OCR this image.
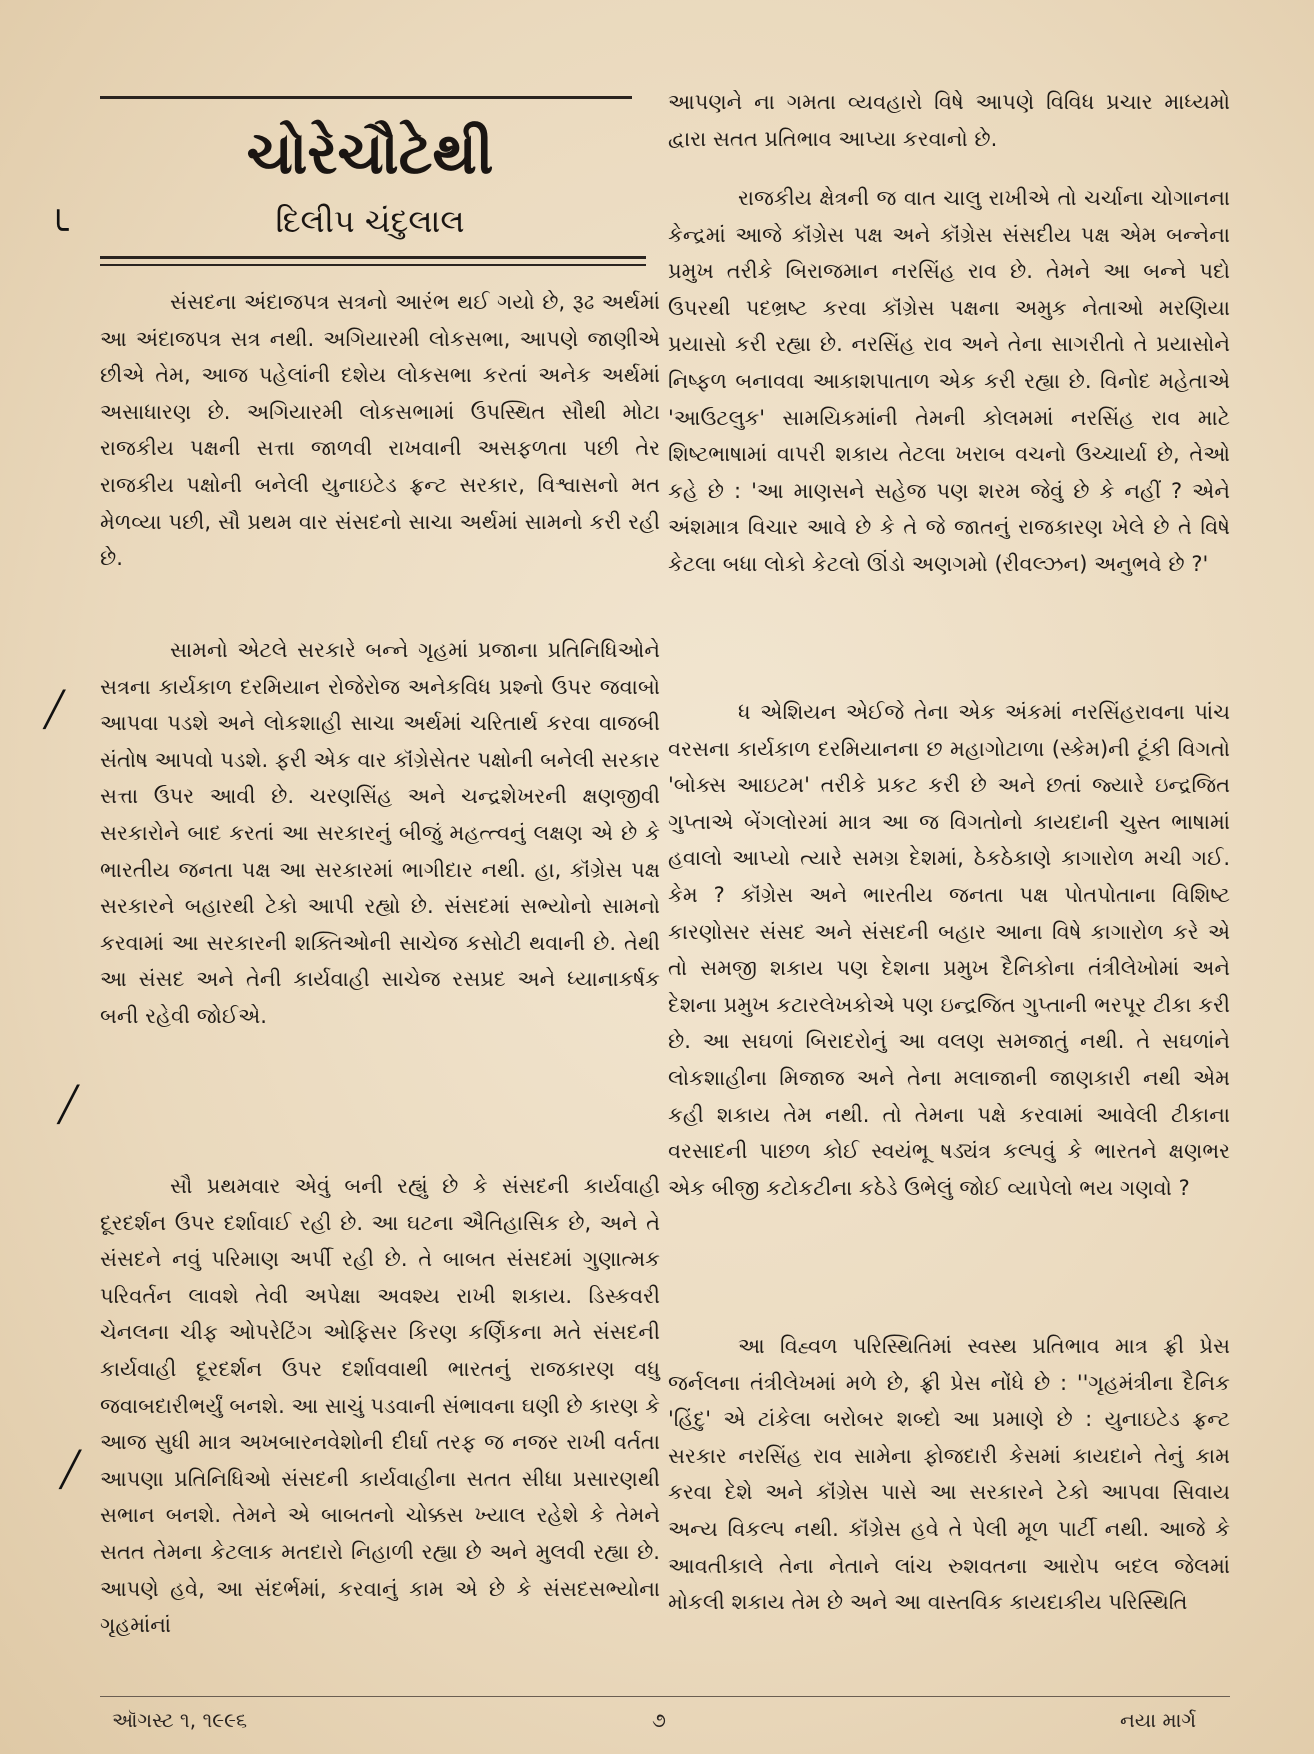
ચોરેચૌટેથી
દિલીપ ચંદુલાલ

સંસદના અંદાજપત્ર સત્રનો આરંભ થઈ ગયો છે, રૂઢ અર્થમાં આ અંદાજપત્ર સત્ર નથી. અગિયારમી લોકસભા, આપણે જાણીએ છીએ તેમ, આજ પહેલાંની દશેય લોકસભા કરતાં અનેક અર્થમાં અસાધારણ છે. અગિયારમી લોકસભામાં ઉપસ્થિત સૌથી મોટા રાજકીય પક્ષની સત્તા જાળવી રાખવાની અસફળતા પછી તેર રાજકીય પક્ષોની બનેલી યુનાઇટેડ ફ્રન્ટ સરકાર, વિશ્વાસનો મત મેળવ્યા પછી, સૌ પ્રથમ વાર સંસદનો સાચા અર્થમાં સામનો કરી રહી છે.

સામનો એટલે સરકારે બન્ને ગૃહમાં પ્રજાના પ્રતિનિધિઓને સત્રના કાર્યકાળ દરમિયાન રોજેરોજ અનેકવિધ પ્રશ્નો ઉપર જવાબો આપવા પડશે અને લોકશાહી સાચા અર્થમાં ચરિતાર્થ કરવા વાજબી સંતોષ આપવો પડશે. ફરી એક વાર કૉંગ્રેસેતર પક્ષોની બનેલી સરકાર સત્તા ઉપર આવી છે. ચરણસિંહ અને ચન્દ્રશેખરની ક્ષણજીવી સરકારોને બાદ કરતાં આ સરકારનું બીજું મહત્ત્વનું લક્ષણ એ છે કે ભારતીય જનતા પક્ષ આ સરકારમાં ભાગીદાર નથી. હા, કૉંગ્રેસ પક્ષ સરકારને બહારથી ટેકો આપી રહ્યો છે. સંસદમાં સભ્યોનો સામનો કરવામાં આ સરકારની શક્તિઓની સાચેજ કસોટી થવાની છે. તેથી આ સંસદ અને તેની કાર્યવાહી સાચેજ રસપ્રદ અને ધ્યાનાકર્ષક બની રહેવી જોઈએ.

સૌ પ્રથમવાર એવું બની રહ્યું છે કે સંસદની કાર્યવાહી દૂરદર્શન ઉપર દર્શાવાઈ રહી છે. આ ઘટના ઐતિહાસિક છે, અને તે સંસદને નવું પરિમાણ અર્પી રહી છે. તે બાબત સંસદમાં ગુણાત્મક પરિવર્તન લાવશે તેવી અપેક્ષા અવશ્ય રાખી શકાય. ડિસ્કવરી ચેનલના ચીફ ઓપરેટિંગ ઓફિસર કિરણ કર્ણિકના મતે સંસદની કાર્યવાહી દૂરદર્શન ઉપર દર્શાવવાથી ભારતનું રાજકારણ વધુ જવાબદારીભર્યું બનશે. આ સાચું પડવાની સંભાવના ઘણી છે કારણ કે આજ સુધી માત્ર અખબારનવેશોની દીર્ઘા તરફ જ નજર રાખી વર્તતા આપણા પ્રતિનિધિઓ સંસદની કાર્યવાહીના સતત સીધા પ્રસારણથી સભાન બનશે. તેમને એ બાબતનો ચોક્કસ ખ્યાલ રહેશે કે તેમને સતત તેમના કેટલાક મતદારો નિહાળી રહ્યા છે અને મુલવી રહ્યા છે. આપણે હવે, આ સંદર્ભમાં, કરવાનું કામ એ છે કે સંસદસભ્યોના ગૃહમાંનાં

આપણને ના ગમતા વ્યવહારો વિષે આપણે વિવિધ પ્રચાર માધ્યમો દ્વારા સતત પ્રતિભાવ આપ્યા કરવાનો છે.

રાજકીય ક્ષેત્રની જ વાત ચાલુ રાખીએ તો ચર્ચાના ચોગાનના કેન્દ્રમાં આજે કૉંગ્રેસ પક્ષ અને કૉંગ્રેસ સંસદીય પક્ષ એમ બન્નેના પ્રમુખ તરીકે બિરાજમાન નરસિંહ રાવ છે. તેમને આ બન્ને પદો ઉપરથી પદભ્રષ્ટ કરવા કૉંગ્રેસ પક્ષના અમુક નેતાઓ મરણિયા પ્રયાસો કરી રહ્યા છે. નરસિંહ રાવ અને તેના સાગરીતો તે પ્રયાસોને નિષ્ફળ બનાવવા આકાશપાતાળ એક કરી રહ્યા છે. વિનોદ મહેતાએ 'આઉટલુક' સામયિકમાંની તેમની કોલમમાં નરસિંહ રાવ માટે શિષ્ટભાષામાં વાપરી શકાય તેટલા ખરાબ વચનો ઉચ્ચાર્યા છે, તેઓ કહે છે : 'આ માણસને સહેજ પણ શરમ જેવું છે કે નહીં ? એને અંશમાત્ર વિચાર આવે છે કે તે જે જાતનું રાજકારણ ખેલે છે તે વિષે કેટલા બધા લોકો કેટલો ઊંડો અણગમો (રીવલ્ઝન) અનુભવે છે ?'

ધ એશિયન એઈજે તેના એક અંકમાં નરસિંહરાવના પાંચ વરસના કાર્યકાળ દરમિયાનના છ મહાગોટાળા (સ્કેમ)ની ટૂંકી વિગતો 'બોક્સ આઇટમ' તરીકે પ્રકટ કરી છે અને છતાં જ્યારે ઇન્દ્રજિત ગુપ્તાએ બેંગલોરમાં માત્ર આ જ વિગતોનો કાયદાની ચુસ્ત ભાષામાં હવાલો આપ્યો ત્યારે સમગ્ર દેશમાં, ઠેકઠેકાણે કાગારોળ મચી ગઈ. કેમ ? કૉંગ્રેસ અને ભારતીય જનતા પક્ષ પોતપોતાના વિશિષ્ટ કારણોસર સંસદ અને સંસદની બહાર આના વિષે કાગારોળ કરે એ તો સમજી શકાય પણ દેશના પ્રમુખ દૈનિકોના તંત્રીલેખોમાં અને દેશના પ્રમુખ કટારલેખકોએ પણ ઇન્દ્રજિત ગુપ્તાની ભરપૂર ટીકા કરી છે. આ સઘળાં બિરાદરોનું આ વલણ સમજાતું નથી. તે સઘળાંને લોકશાહીના મિજાજ અને તેના મલાજાની જાણકારી નથી એમ કહી શકાય તેમ નથી. તો તેમના પક્ષે કરવામાં આવેલી ટીકાના વરસાદની પાછળ કોઈ સ્વયંભૂ ષડ્યંત્ર કલ્પવું કે ભારતને ક્ષણભર એક બીજી કટોકટીના કઠેડે ઉભેલું જોઈ વ્યાપેલો ભય ગણવો ?

આ વિહ્વળ પરિસ્થિતિમાં સ્વસ્થ પ્રતિભાવ માત્ર ફ્રી પ્રેસ જર્નલના તંત્રીલેખમાં મળે છે, ફ્રી પ્રેસ નોંધે છે : ''ગૃહમંત્રીના દૈનિક 'હિંદુ' એ ટાંકેલા બરોબર શબ્દો આ પ્રમાણે છે : યુનાઇટેડ ફ્રન્ટ સરકાર નરસિંહ રાવ સામેના ફોજદારી કેસમાં કાયદાને તેનું કામ કરવા દેશે અને કૉંગ્રેસ પાસે આ સરકારને ટેકો આપવા સિવાય અન્ય વિકલ્પ નથી. કૉંગ્રેસ હવે તે પેલી મૂળ પાર્ટી નથી. આજે કે આવતીકાલે તેના નેતાને લાંચ રુશવતના આરોપ બદલ જેલમાં મોકલી શકાય તેમ છે અને આ વાસ્તવિક કાયદાકીય પરિસ્થિતિ

╰
╱
╱
╱
ઑગસ્ટ ૧, ૧૯૯૬	૭	નયા માર્ગ
